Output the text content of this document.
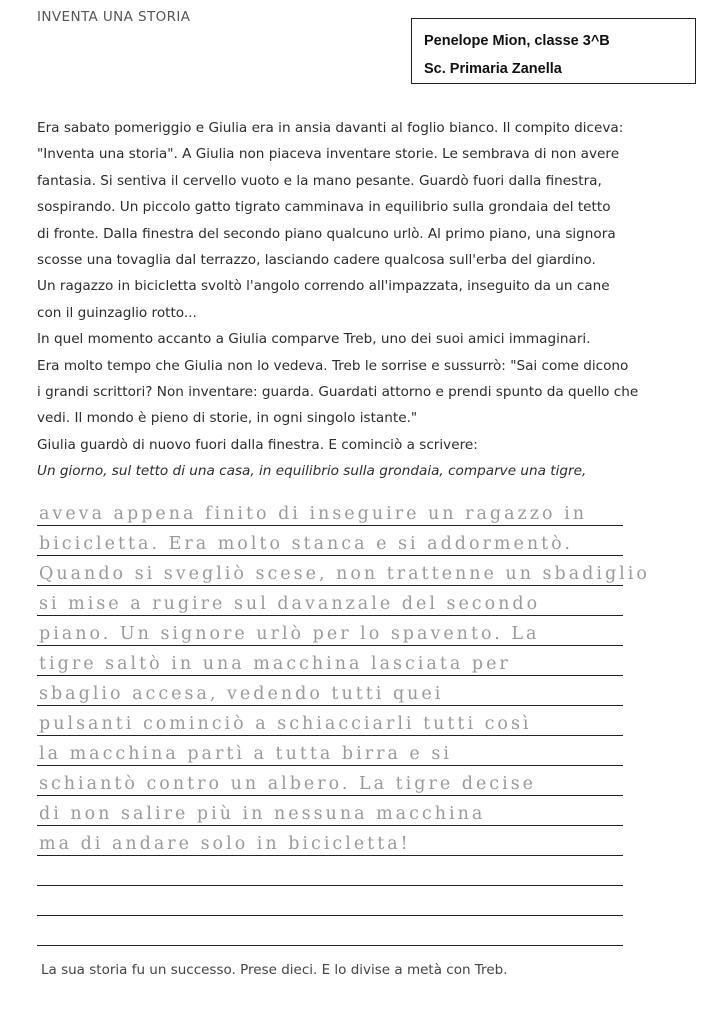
INVENTA UNA STORIA
Penelope Mion, classe 3^B
Sc. Primaria Zanella

Era sabato pomeriggio e Giulia era in ansia davanti al foglio bianco. Il compito diceva:

"Inventa una storia". A Giulia non piaceva inventare storie. Le sembrava di non avere

fantasia. Si sentiva il cervello vuoto e la mano pesante. Guardò fuori dalla finestra,

sospirando. Un piccolo gatto tigrato camminava in equilibrio sulla grondaia del tetto

di fronte. Dalla finestra del secondo piano qualcuno urlò. Al primo piano, una signora

scosse una tovaglia dal terrazzo, lasciando cadere qualcosa sull'erba del giardino.

Un ragazzo in bicicletta svoltò l'angolo correndo all'impazzata, inseguito da un cane

con il guinzaglio rotto...

In quel momento accanto a Giulia comparve Treb, uno dei suoi amici immaginari.

Era molto tempo che Giulia non lo vedeva. Treb le sorrise e sussurrò: "Sai come dicono

i grandi scrittori? Non inventare: guarda. Guardati attorno e prendi spunto da quello che

vedi. Il mondo è pieno di storie, in ogni singolo istante."

Giulia guardò di nuovo fuori dalla finestra. E cominciò a scrivere:

Un giorno, sul tetto di una casa, in equilibrio sulla grondaia, comparve una tigre,

aveva appena finito di inseguire un ragazzo in
bicicletta. Era molto stanca e si addormentò.
Quando si svegliò scese, non trattenne un sbadiglio
si mise a rugire sul davanzale del secondo
piano. Un signore urlò per lo spavento. La
tigre saltò in una macchina lasciata per
sbaglio accesa, vedendo tutti quei
pulsanti cominciò a schiacciarli tutti così
la macchina partì a tutta birra e si
schiantò contro un albero. La tigre decise
di non salire più in nessuna macchina
ma di andare solo in bicicletta!
La sua storia fu un successo. Prese dieci. E lo divise a metà con Treb.
